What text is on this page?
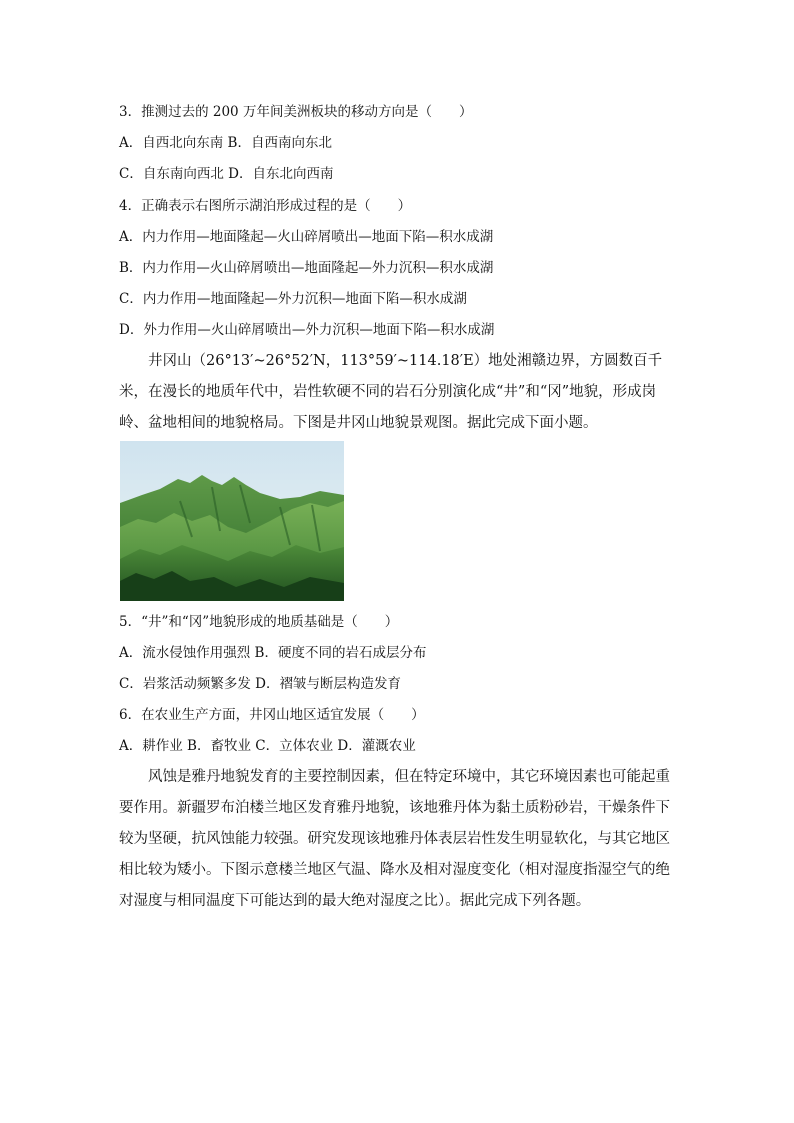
3．推测过去的 200 万年间美洲板块的移动方向是（　　）
A．自西北向东南 B．自西南向东北
C．自东南向西北 D．自东北向西南
4．正确表示右图所示湖泊形成过程的是（　　）
A．内力作用—地面隆起—火山碎屑喷出—地面下陷—积水成湖
B．内力作用—火山碎屑喷出—地面隆起—外力沉积—积水成湖
C．内力作用—地面隆起—外力沉积—地面下陷—积水成湖
D．外力作用—火山碎屑喷出—外力沉积—地面下陷—积水成湖
井冈山（26°13′~26°52′N，113°59′~114.18′E）地处湘赣边界，方圆数百千米，在漫长的地质年代中，岩性软硬不同的岩石分别演化成“井”和“冈”地貌，形成岗岭、盆地相间的地貌格局。下图是井冈山地貌景观图。据此完成下面小题。
5．“井”和“冈”地貌形成的地质基础是（　　）
A．流水侵蚀作用强烈 B．硬度不同的岩石成层分布
C．岩浆活动频繁多发 D．褶皱与断层构造发育
6．在农业生产方面，井冈山地区适宜发展（　　）
A．耕作业 B．畜牧业 C．立体农业 D．灌溉农业
风蚀是雅丹地貌发育的主要控制因素，但在特定环境中，其它环境因素也可能起重要作用。新疆罗布泊楼兰地区发育雅丹地貌，该地雅丹体为黏土质粉砂岩，干燥条件下较为坚硬，抗风蚀能力较强。研究发现该地雅丹体表层岩性发生明显软化，与其它地区相比较为矮小。下图示意楼兰地区气温、降水及相对湿度变化（相对湿度指湿空气的绝对湿度与相同温度下可能达到的最大绝对湿度之比）。据此完成下列各题。
